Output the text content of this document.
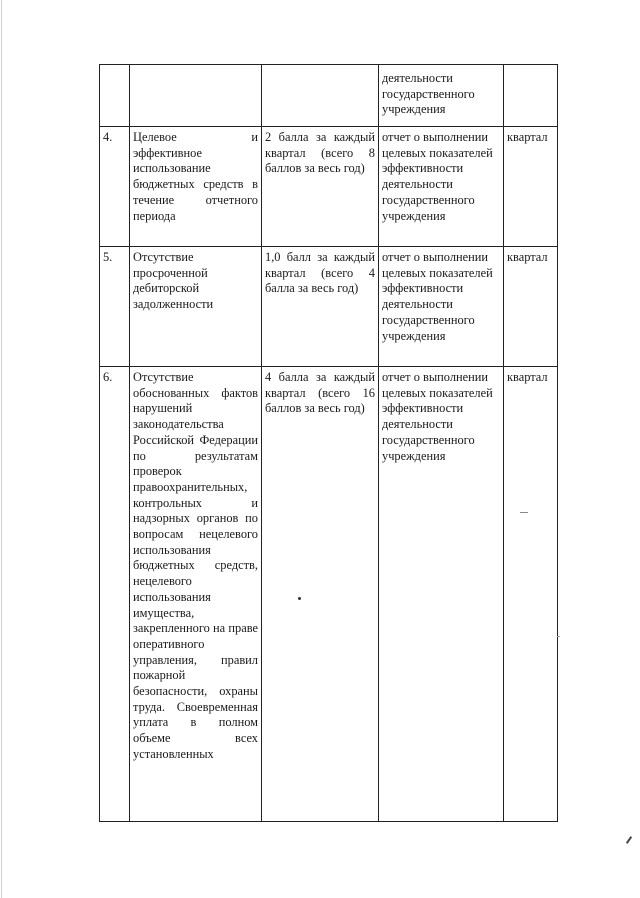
			деятельности государственного учреждения	
4.	Целевое и эффективное использование бюджетных средств в течение отчетного периода	2 балла за каждый квартал (всего 8 баллов за весь год)	отчет о выполнении целевых показателей эффективности деятельности государственного учреждения	квартал
5.	Отсутствие просроченной дебиторской задолженности	1,0 балл за каждый квартал (всего 4 балла за весь год)	отчет о выполнении целевых показателей эффективности деятельности государственного учреждения	квартал
6.	Отсутствие обоснованных фактов нарушений законодательства Российской Федерации по результатам проверок правоохранительных, контрольных и надзорных органов по вопросам нецелевого использования бюджетных средств, нецелевого использования имущества, закрепленного на праве оперативного управления, правил пожарной безопасности, охраны труда. Своевременная уплата в полном объеме всех установленных	4 балла за каждый квартал (всего 16 баллов за весь год)	отчет о выполнении целевых показателей эффективности деятельности государственного учреждения	квартал
